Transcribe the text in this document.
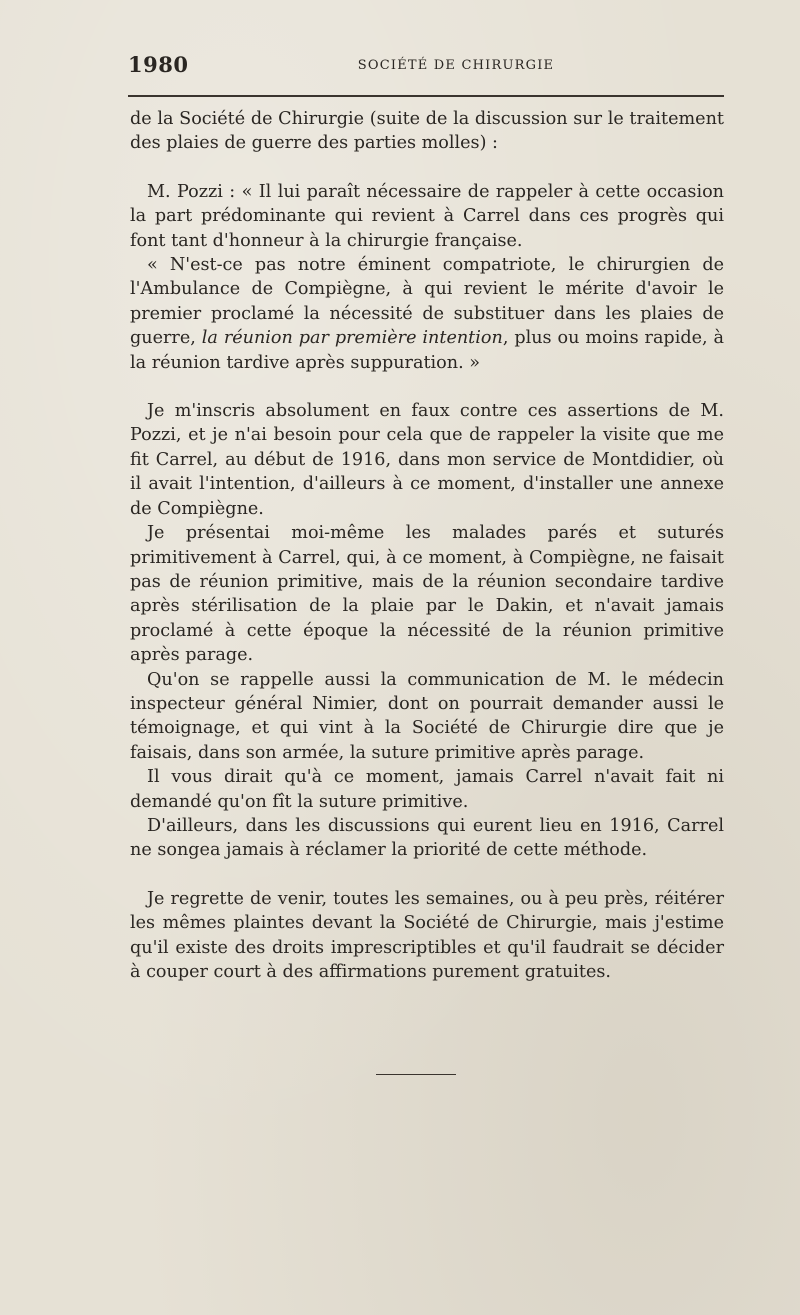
1980	SOCIÉTÉ DE CHIRURGIE

de la Société de Chirurgie (suite de la discussion sur le traitement des plaies de guerre des parties molles) :

M. Pozzi : « Il lui paraît nécessaire de rappeler à cette occasion la part prédominante qui revient à Carrel dans ces progrès qui font tant d'honneur à la chirurgie française.

« N'est-ce pas notre éminent compatriote, le chirurgien de l'Ambulance de Compiègne, à qui revient le mérite d'avoir le premier proclamé la nécessité de substituer dans les plaies de guerre, la réunion par première intention, plus ou moins rapide, à la réunion tardive après suppuration. »

Je m'inscris absolument en faux contre ces assertions de M. Pozzi, et je n'ai besoin pour cela que de rappeler la visite que me fit Carrel, au début de 1916, dans mon service de Montdidier, où il avait l'intention, d'ailleurs à ce moment, d'installer une annexe de Compiègne.

Je présentai moi-même les malades parés et suturés primitivement à Carrel, qui, à ce moment, à Compiègne, ne faisait pas de réunion primitive, mais de la réunion secondaire tardive après stérilisation de la plaie par le Dakin, et n'avait jamais proclamé à cette époque la nécessité de la réunion primitive après parage.

Qu'on se rappelle aussi la communication de M. le médecin inspecteur général Nimier, dont on pourrait demander aussi le témoignage, et qui vint à la Société de Chirurgie dire que je faisais, dans son armée, la suture primitive après parage.

Il vous dirait qu'à ce moment, jamais Carrel n'avait fait ni demandé qu'on fît la suture primitive.

D'ailleurs, dans les discussions qui eurent lieu en 1916, Carrel ne songea jamais à réclamer la priorité de cette méthode.

Je regrette de venir, toutes les semaines, ou à peu près, réitérer les mêmes plaintes devant la Société de Chirurgie, mais j'estime qu'il existe des droits imprescriptibles et qu'il faudrait se décider à couper court à des affirmations purement gratuites.
